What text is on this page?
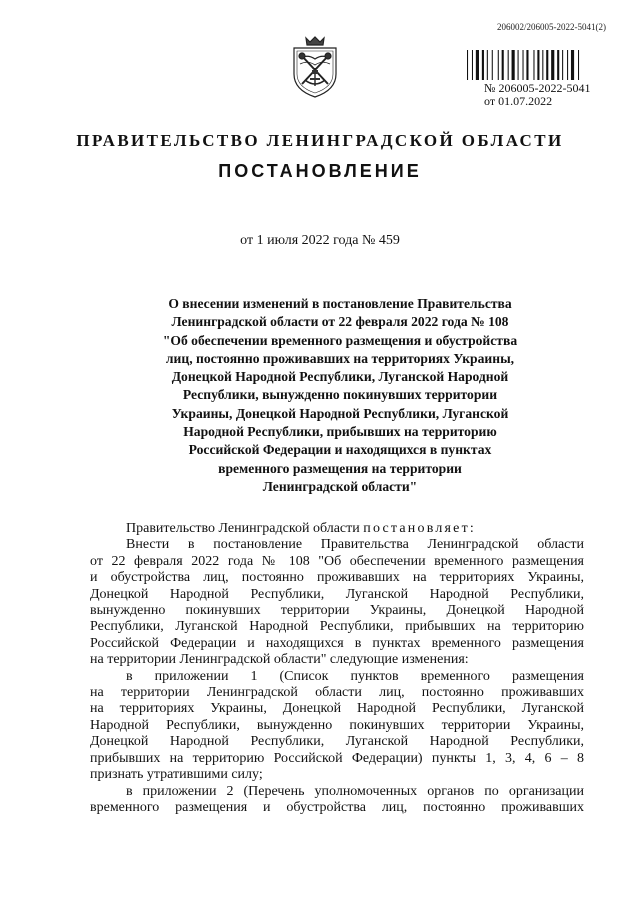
206002/206005-2022-5041(2)
№ 206005-2022-5041
от 01.07.2022
ПРАВИТЕЛЬСТВО ЛЕНИНГРАДСКОЙ ОБЛАСТИ
ПОСТАНОВЛЕНИЕ
от 1 июля 2022 года № 459
О внесении изменений в постановление Правительства
Ленинградской области от 22 февраля 2022 года № 108
"Об обеспечении временного размещения и обустройства
лиц, постоянно проживавших на территориях Украины,
Донецкой Народной Республики, Луганской Народной
Республики, вынужденно покинувших территории
Украины, Донецкой Народной Республики, Луганской
Народной Республики, прибывших на территорию
Российской Федерации и находящихся в пунктах
временного размещения на территории
Ленинградской области"
Правительство Ленинградской области постановляет:
Внести в постановление Правительства Ленинградской области
от 22 февраля 2022 года № 108 "Об обеспечении временного размещения
и обустройства лиц, постоянно проживавших на территориях Украины,
Донецкой Народной Республики, Луганской Народной Республики,
вынужденно покинувших территории Украины, Донецкой Народной
Республики, Луганской Народной Республики, прибывших на территорию
Российской Федерации и находящихся в пунктах временного размещения
на территории Ленинградской области" следующие изменения:
в приложении 1 (Список пунктов временного размещения
на территории Ленинградской области лиц, постоянно проживавших
на территориях Украины, Донецкой Народной Республики, Луганской
Народной Республики, вынужденно покинувших территории Украины,
Донецкой Народной Республики, Луганской Народной Республики,
прибывших на территорию Российской Федерации) пункты 1, 3, 4, 6 – 8
признать утратившими силу;
в приложении 2 (Перечень уполномоченных органов по организации
временного размещения и обустройства лиц, постоянно проживавших
